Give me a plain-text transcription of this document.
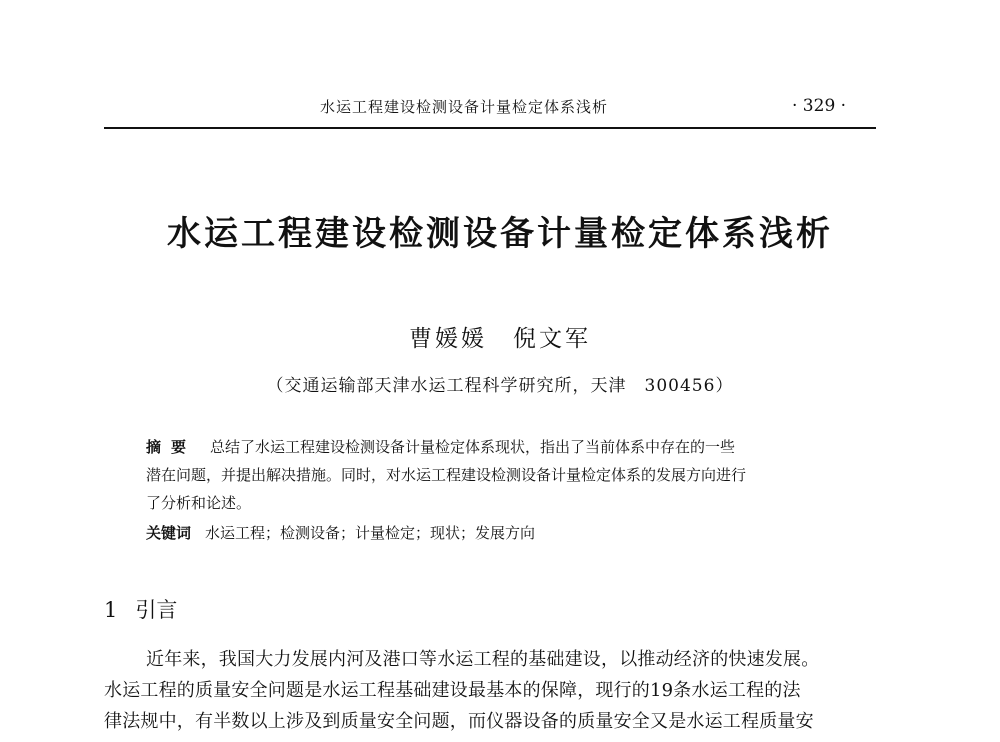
水运工程建设检测设备计量检定体系浅析	· 329 ·
水运工程建设检测设备计量检定体系浅析
曹媛媛　倪文军
（交通运输部天津水运工程科学研究所，天津　300456）
摘要 总结了水运工程建设检测设备计量检定体系现状，指出了当前体系中存在的一些
潜在问题，并提出解决措施。同时，对水运工程建设检测设备计量检定体系的发展方向进行
了分析和论述。
关键词 水运工程；检测设备；计量检定；现状；发展方向
1 引言
近年来，我国大力发展内河及港口等水运工程的基础建设，以推动经济的快速发展。
水运工程的质量安全问题是水运工程基础建设最基本的保障，现行的19条水运工程的法
律法规中，有半数以上涉及到质量安全问题，而仪器设备的质量安全又是水运工程质量安
